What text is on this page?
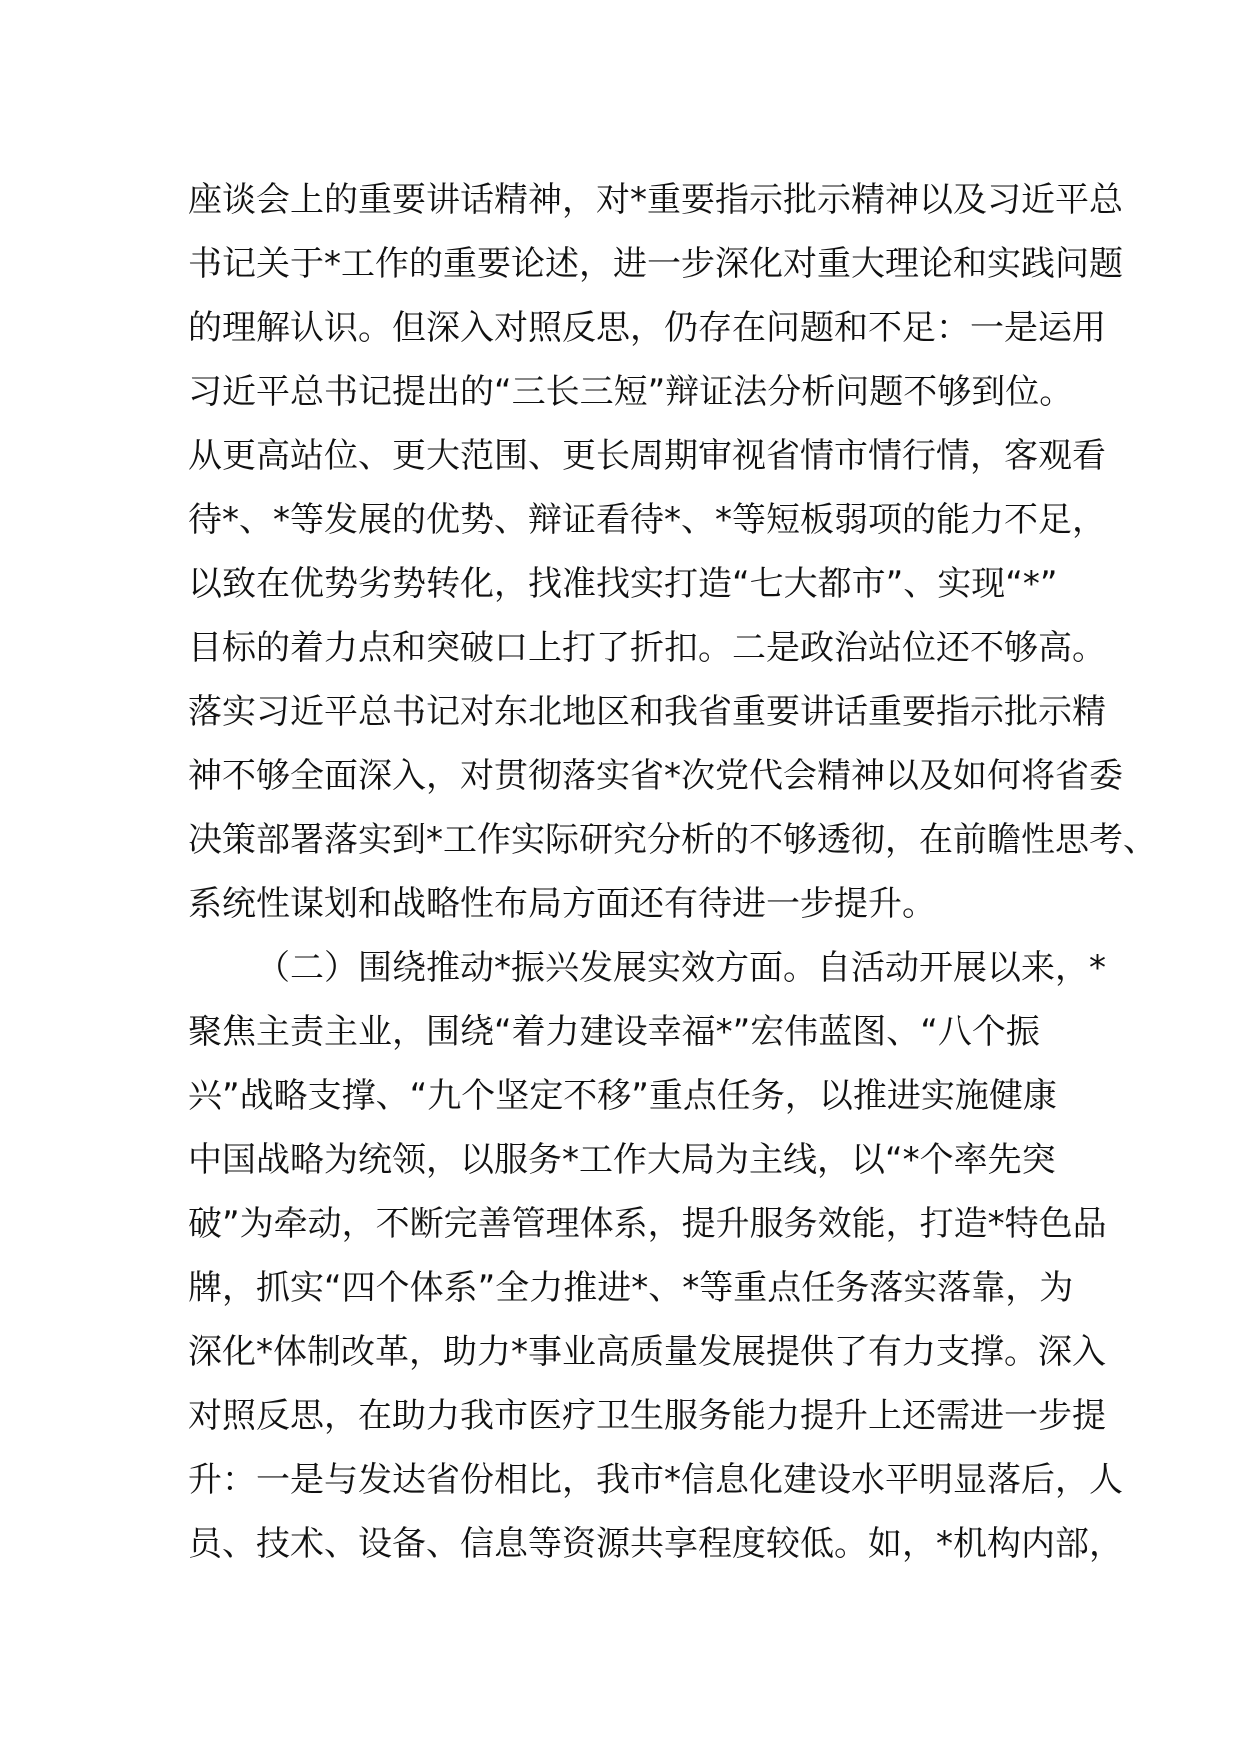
座谈会上的重要讲话精神，对*重要指示批示精神以及习近平总
书记关于*工作的重要论述，进一步深化对重大理论和实践问题
的理解认识。但深入对照反思，仍存在问题和不足：一是运用
习近平总书记提出的“三长三短”辩证法分析问题不够到位。
从更高站位、更大范围、更长周期审视省情市情行情，客观看
待*、*等发展的优势、辩证看待*、*等短板弱项的能力不足，
以致在优势劣势转化，找准找实打造“七大都市”、实现“*”
目标的着力点和突破口上打了折扣。二是政治站位还不够高。
落实习近平总书记对东北地区和我省重要讲话重要指示批示精
神不够全面深入，对贯彻落实省*次党代会精神以及如何将省委
决策部署落实到*工作实际研究分析的不够透彻，在前瞻性思考、
系统性谋划和战略性布局方面还有待进一步提升。
（二）围绕推动*振兴发展实效方面。自活动开展以来，*
聚焦主责主业，围绕“着力建设幸福*”宏伟蓝图、“八个振
兴”战略支撑、“九个坚定不移”重点任务，以推进实施健康
中国战略为统领，以服务*工作大局为主线，以“*个率先突
破”为牵动，不断完善管理体系，提升服务效能，打造*特色品
牌，抓实“四个体系”全力推进*、*等重点任务落实落靠，为
深化*体制改革，助力*事业高质量发展提供了有力支撑。深入
对照反思，在助力我市医疗卫生服务能力提升上还需进一步提
升：一是与发达省份相比，我市*信息化建设水平明显落后，人
员、技术、设备、信息等资源共享程度较低。如，*机构内部，
